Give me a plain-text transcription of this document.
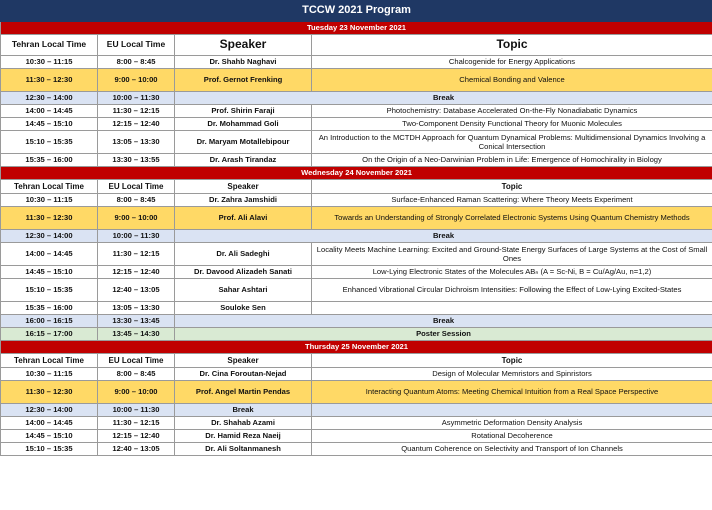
TCCW 2021 Program			
Tuesday 23 November 2021			
Tehran Local Time	EU Local Time	Speaker	Topic
10:30 – 11:15	8:00 – 8:45	Dr. Shahb Naghavi	Chalcogenide for Energy Applications
11:30 – 12:30	9:00 – 10:00	Prof. Gernot Frenking	Chemical Bonding and Valence
12:30 – 14:00	10:00 – 11:30	Break	
14:00 – 14:45	11:30 – 12:15	Prof. Shirin Faraji	Photochemistry: Database Accelerated On-the-Fly Nonadiabatic Dynamics
14:45 – 15:10	12:15 – 12:40	Dr. Mohammad Goli	Two-Component Density Functional Theory for Muonic Molecules
15:10 – 15:35	13:05 – 13:30	Dr. Maryam Motallebipour	An Introduction to the MCTDH Approach for Quantum Dynamical Problems: Multidimensional Dynamics Involving a Conical Intersection
15:35 – 16:00	13:30 – 13:55	Dr. Arash Tirandaz	On the Origin of a Neo-Darwinian Problem in Life: Emergence of Homochirality in Biology
Wednesday 24 November 2021			
Tehran Local Time	EU Local Time	Speaker	Topic
10:30 – 11:15	8:00 – 8:45	Dr. Zahra Jamshidi	Surface-Enhanced Raman Scattering: Where Theory Meets Experiment
11:30 – 12:30	9:00 – 10:00	Prof. Ali Alavi	Towards an Understanding of Strongly Correlated Electronic Systems Using Quantum Chemistry Methods
12:30 – 14:00	10:00 – 11:30	Break	
14:00 – 14:45	11:30 – 12:15	Dr. Ali Sadeghi	Locality Meets Machine Learning: Excited and Ground-State Energy Surfaces of Large Systems at the Cost of Small Ones
14:45 – 15:10	12:15 – 12:40	Dr. Davood Alizadeh Sanati	Low-Lying Electronic States of the Molecules ABₙ (A = Sc-Ni, B = Cu/Ag/Au, n=1,2)
15:10 – 15:35	12:40 – 13:05	Sahar Ashtari	Enhanced Vibrational Circular Dichroism Intensities: Following the Effect of Low-Lying Excited-States
15:35 – 16:00	13:05 – 13:30	Souloke Sen	
16:00 – 16:15	13:30 – 13:45	Break	
16:15 – 17:00	13:45 – 14:30	Poster Session	
Thursday 25 November 2021			
Tehran Local Time	EU Local Time	Speaker	Topic
10:30 – 11:15	8:00 – 8:45	Dr. Cina Foroutan-Nejad	Design of Molecular Memristors and Spinristors
11:30 – 12:30	9:00 – 10:00	Prof. Angel Martin Pendas	Interacting Quantum Atoms: Meeting Chemical Intuition from a Real Space Perspective
12:30 – 14:00	10:00 – 11:30	Break	
14:00 – 14:45	11:30 – 12:15	Dr. Shahab Azami	Asymmetric Deformation Density Analysis
14:45 – 15:10	12:15 – 12:40	Dr. Hamid Reza Naeij	Rotational Decoherence
15:10 – 15:35	12:40 – 13:05	Dr. Ali Soltanmanesh	Quantum Coherence on Selectivity and Transport of Ion Channels
